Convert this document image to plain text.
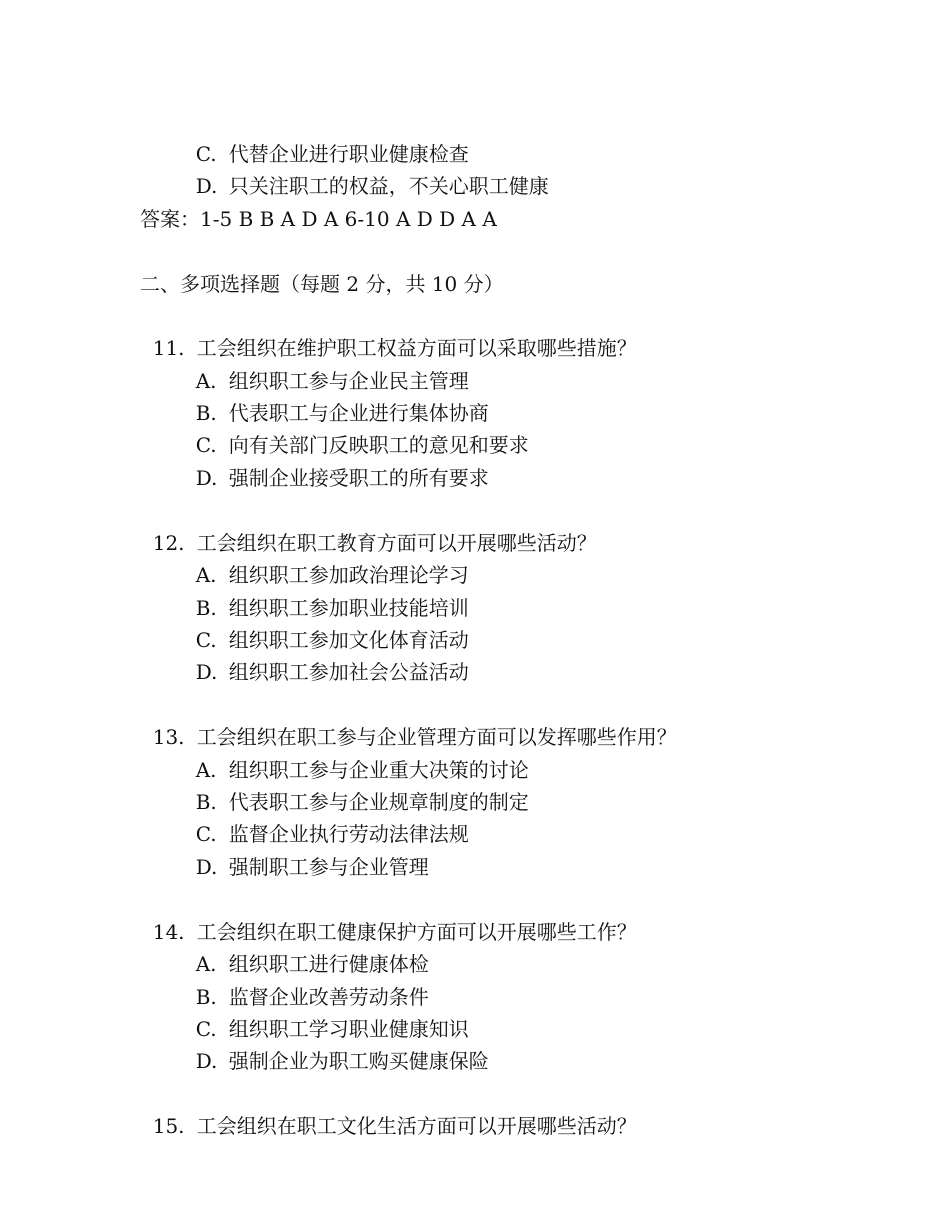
C. 代替企业进行职业健康检查

D. 只关注职工的权益，不关心职工健康

答案：1-5 B B A D A 6-10 A D D A A
二、多项选择题（每题 2 分，共 10 分）

11. 工会组织在维护职工权益方面可以采取哪些措施？

A. 组织职工参与企业民主管理

B. 代表职工与企业进行集体协商

C. 向有关部门反映职工的意见和要求

D. 强制企业接受职工的所有要求

12. 工会组织在职工教育方面可以开展哪些活动？

A. 组织职工参加政治理论学习

B. 组织职工参加职业技能培训

C. 组织职工参加文化体育活动

D. 组织职工参加社会公益活动

13. 工会组织在职工参与企业管理方面可以发挥哪些作用？

A. 组织职工参与企业重大决策的讨论

B. 代表职工参与企业规章制度的制定

C. 监督企业执行劳动法律法规

D. 强制职工参与企业管理

14. 工会组织在职工健康保护方面可以开展哪些工作？

A. 组织职工进行健康体检

B. 监督企业改善劳动条件

C. 组织职工学习职业健康知识

D. 强制企业为职工购买健康保险

15. 工会组织在职工文化生活方面可以开展哪些活动？
